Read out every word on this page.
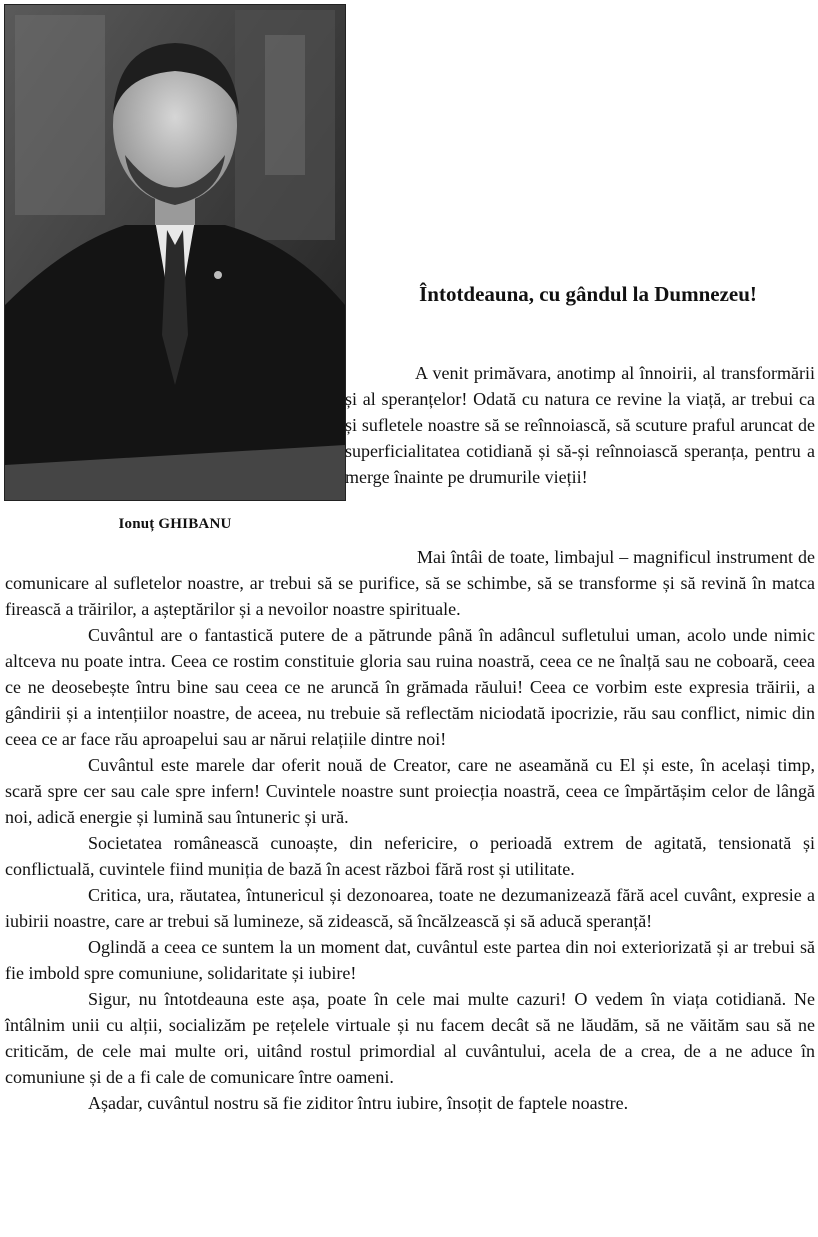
Ionuț GHIBANU
Întotdeauna, cu gândul la Dumnezeu!

A venit primăvara, anotimp al înnoirii, al transformării și al speranțelor! Odată cu natura ce revine la viață, ar trebui ca și sufletele noastre să se reînnoiască, să scuture praful aruncat de superficialitatea cotidiană și să-și reînnoiască speranța, pentru a merge înainte pe drumurile vieții!

Mai întâi de toate, limbajul – magnificul instrument de comunicare al sufletelor noastre, ar trebui să se purifice, să se schimbe, să se transforme și să revină în matca firească a trăirilor, a așteptărilor și a nevoilor noastre spirituale.

Cuvântul are o fantastică putere de a pătrunde până în adâncul sufletului uman, acolo unde nimic altceva nu poate intra. Ceea ce rostim constituie gloria sau ruina noastră, ceea ce ne înalță sau ne coboară, ceea ce ne deosebește întru bine sau ceea ce ne aruncă în grămada răului! Ceea ce vorbim este expresia trăirii, a gândirii și a intențiilor noastre, de aceea, nu trebuie să reflectăm niciodată ipocrizie, rău sau conflict, nimic din ceea ce ar face rău aproapelui sau ar nărui relațiile dintre noi!

Cuvântul este marele dar oferit nouă de Creator, care ne aseamănă cu El și este, în același timp, scară spre cer sau cale spre infern! Cuvintele noastre sunt proiecția noastră, ceea ce împărtășim celor de lângă noi, adică energie și lumină sau întuneric și ură.

Societatea românească cunoaște, din nefericire, o perioadă extrem de agitată, tensionată și conflictuală, cuvintele fiind muniția de bază în acest război fără rost și utilitate.

Critica, ura, răutatea, întunericul și dezonoarea, toate ne dezumanizează fără acel cuvânt, expresie a iubirii noastre, care ar trebui să lumineze, să zidească, să încălzească și să aducă speranță!

Oglindă a ceea ce suntem la un moment dat, cuvântul este partea din noi exteriorizată și ar trebui să fie imbold spre comuniune, solidaritate și iubire!

Sigur, nu întotdeauna este așa, poate în cele mai multe cazuri! O vedem în viața cotidiană. Ne întâlnim unii cu alții, socializăm pe rețelele virtuale și nu facem decât să ne lăudăm, să ne văităm sau să ne criticăm, de cele mai multe ori, uitând rostul primordial al cuvântului, acela de a crea, de a ne aduce în comuniune și de a fi cale de comunicare între oameni.

Așadar, cuvântul nostru să fie ziditor întru iubire, însoțit de faptele noastre.
